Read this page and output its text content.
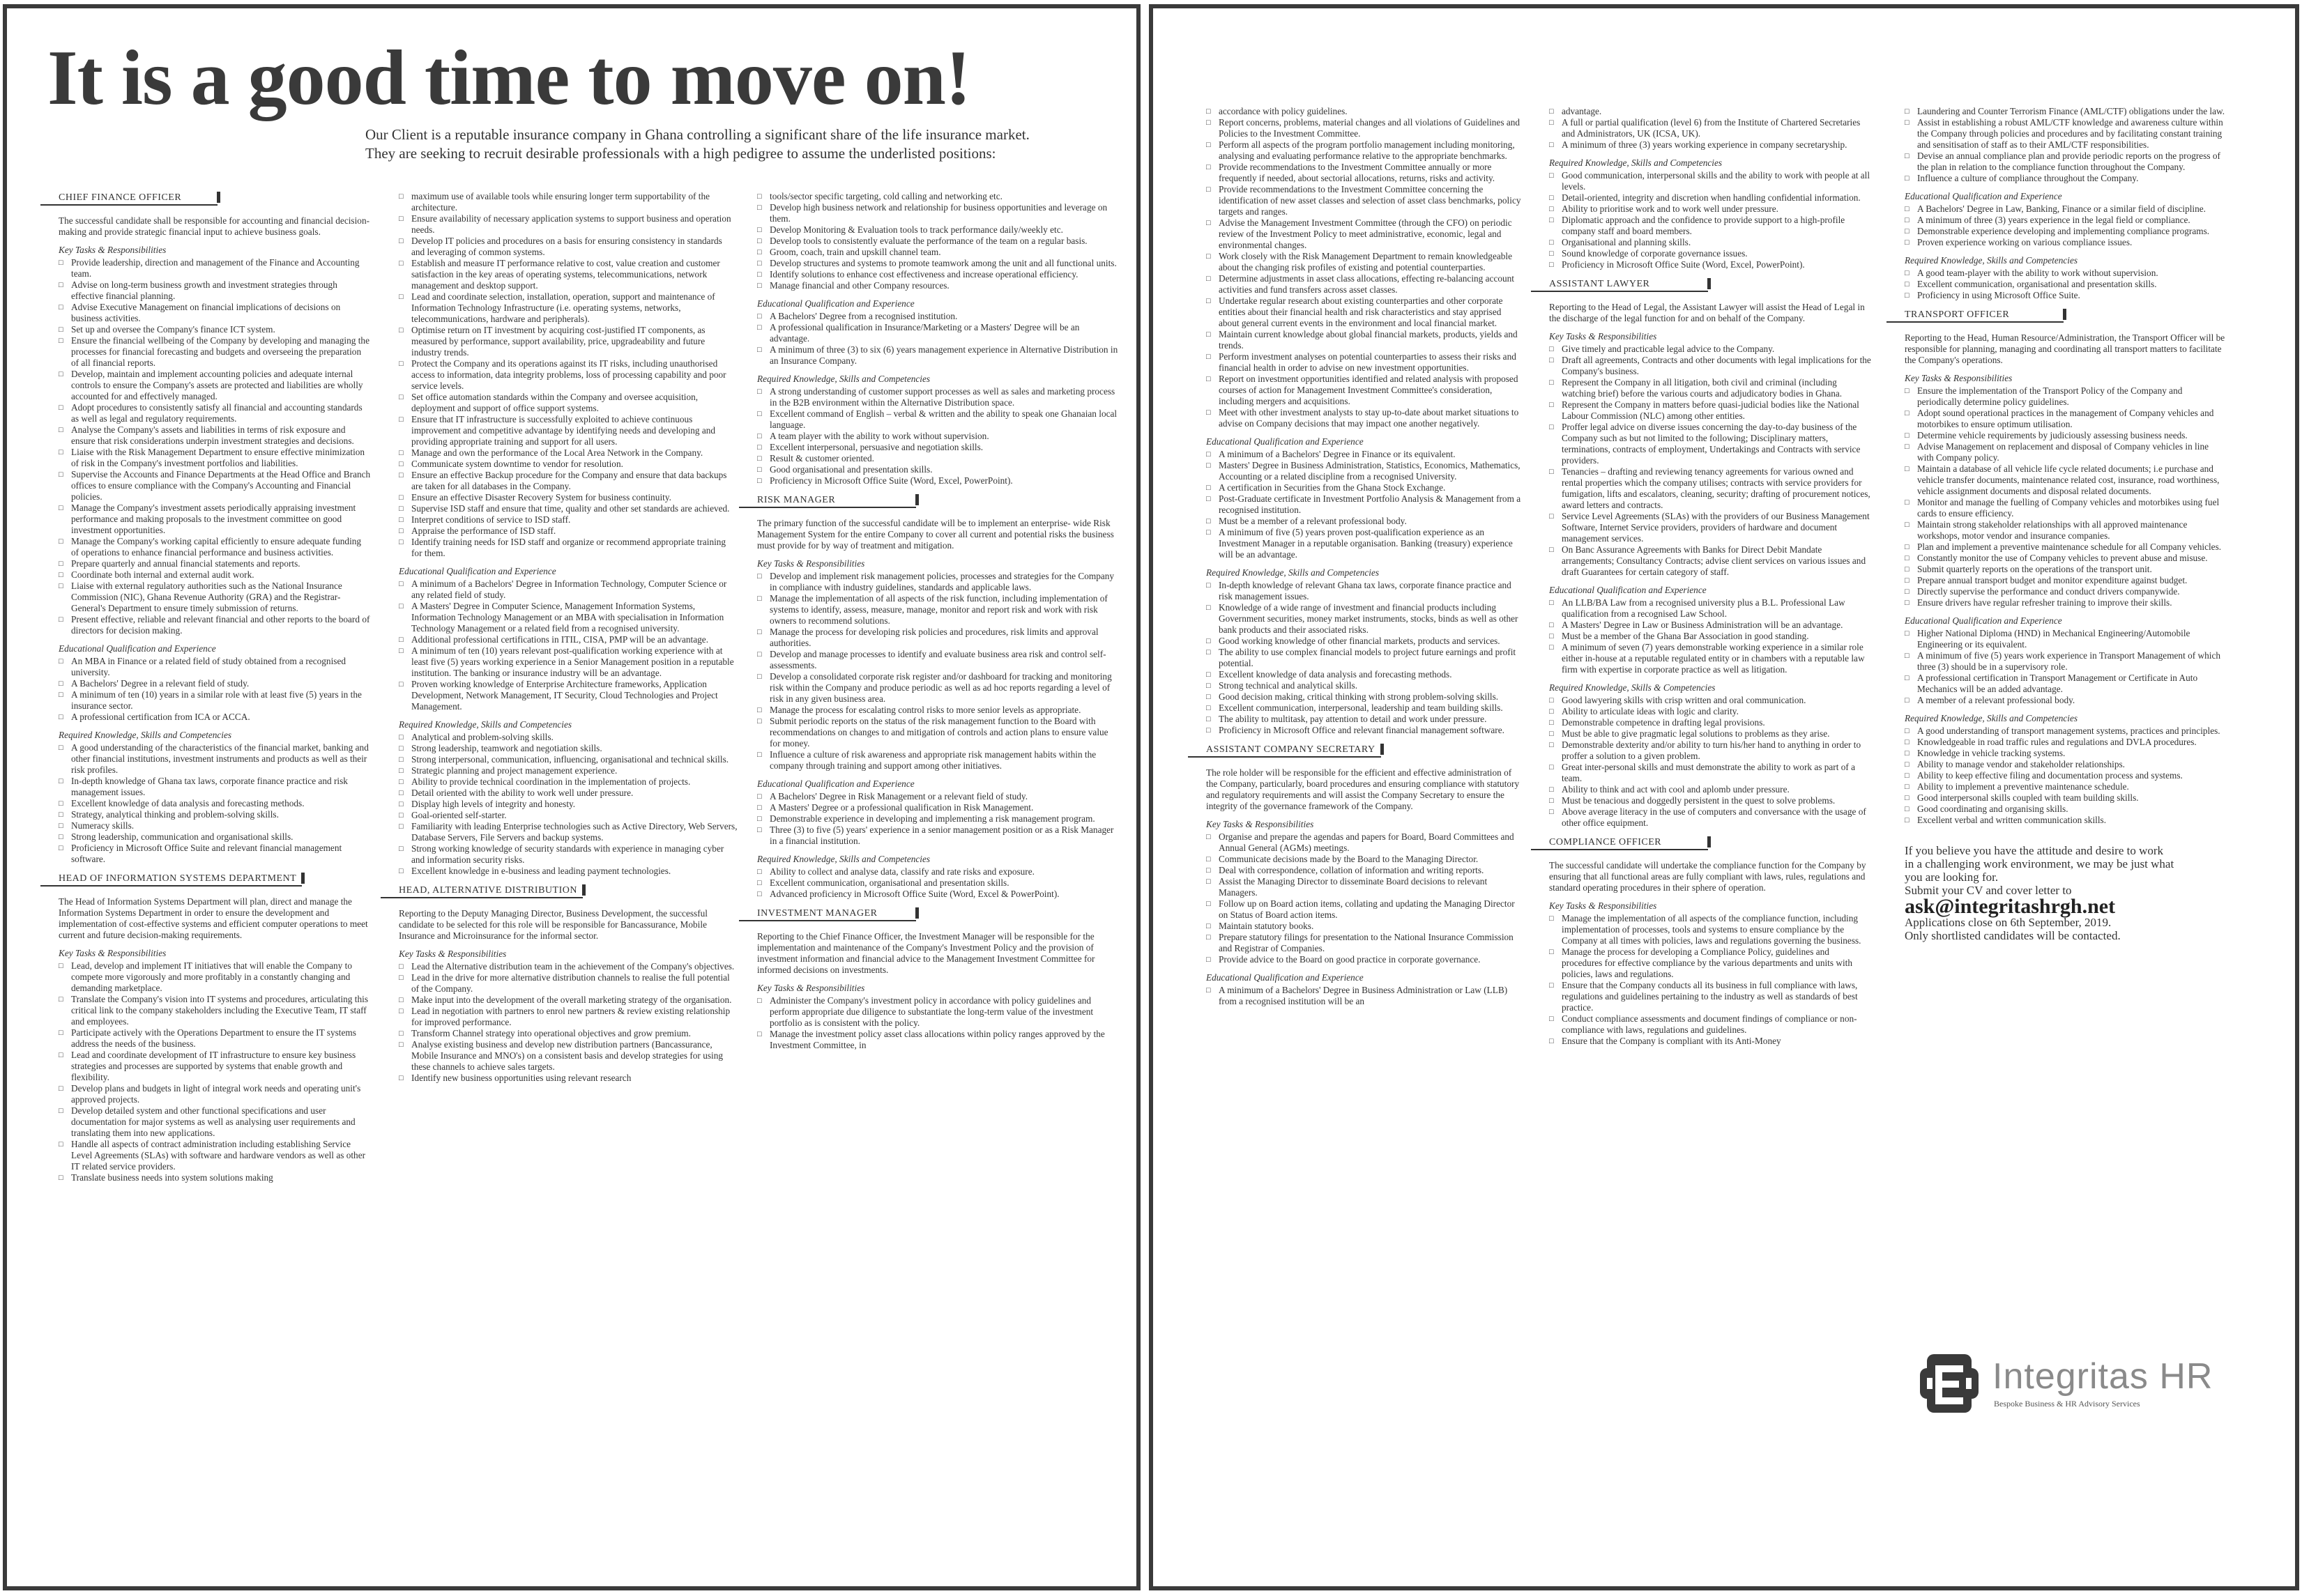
It is a good time to move on!
Our Client is a reputable insurance company in Ghana controlling a significant share of the life insurance market.
They are seeking to recruit desirable professionals with a high pedigree to assume the underlisted positions:
CHIEF FINANCE OFFICER
The successful candidate shall be responsible for accounting and financial decision-making and provide strategic financial input to achieve business goals.
Key Tasks & Responsibilities
□ Provide leadership, direction and management of the Finance and Accounting team.
□ Advise on long-term business growth and investment strategies through effective financial planning.
□ Advise Executive Management on financial implications of decisions on business activities.
□ Set up and oversee the Company's finance ICT system.
□ Ensure the financial wellbeing of the Company by developing and managing the processes for financial forecasting and budgets and overseeing the preparation of all financial reports.
□ Develop, maintain and implement accounting policies and adequate internal controls to ensure the Company's assets are protected and liabilities are wholly accounted for and effectively managed.
□ Adopt procedures to consistently satisfy all financial and accounting standards as well as legal and regulatory requirements.
□ Analyse the Company's assets and liabilities in terms of risk exposure and ensure that risk considerations underpin investment strategies and decisions.
□ Liaise with the Risk Management Department to ensure effective minimization of risk in the Company's investment portfolios and liabilities.
□ Supervise the Accounts and Finance Departments at the Head Office and Branch offices to ensure compliance with the Company's Accounting and Financial policies.
□ Manage the Company's investment assets periodically appraising investment performance and making proposals to the investment committee on good investment opportunities.
□ Manage the Company's working capital efficiently to ensure adequate funding of operations to enhance financial performance and business activities.
□ Prepare quarterly and annual financial statements and reports.
□ Coordinate both internal and external audit work.
□ Liaise with external regulatory authorities such as the National Insurance Commission (NIC), Ghana Revenue Authority (GRA) and the Registrar-General's Department to ensure timely submission of returns.
□ Present effective, reliable and relevant financial and other reports to the board of directors for decision making.
Educational Qualification and Experience
□ An MBA in Finance or a related field of study obtained from a recognised university.
□ A Bachelors' Degree in a relevant field of study.
□ A minimum of ten (10) years in a similar role with at least five (5) years in the insurance sector.
□ A professional certification from ICA or ACCA.
Required Knowledge, Skills and Competencies
□ A good understanding of the characteristics of the financial market, banking and other financial institutions, investment instruments and products as well as their risk profiles.
□ In-depth knowledge of Ghana tax laws, corporate finance practice and risk management issues.
□ Excellent knowledge of data analysis and forecasting methods.
□ Strategy, analytical thinking and problem-solving skills.
□ Numeracy skills.
□ Strong leadership, communication and organisational skills.
□ Proficiency in Microsoft Office Suite and relevant financial management software.
HEAD OF INFORMATION SYSTEMS DEPARTMENT
The Head of Information Systems Department will plan, direct and manage the Information Systems Department in order to ensure the development and implementation of cost-effective systems and efficient computer operations to meet current and future decision-making requirements.
Key Tasks & Responsibilities
□ Lead, develop and implement IT initiatives that will enable the Company to compete more vigorously and more profitably in a constantly changing and demanding marketplace.
□ Translate the Company's vision into IT systems and procedures, articulating this critical link to the company stakeholders including the Executive Team, IT staff and employees.
□ Participate actively with the Operations Department to ensure the IT systems address the needs of the business.
□ Lead and coordinate development of IT infrastructure to ensure key business strategies and processes are supported by systems that enable growth and flexibility.
□ Develop plans and budgets in light of integral work needs and operating unit's approved projects.
□ Develop detailed system and other functional specifications and user documentation for major systems as well as analysing user requirements and translating them into new applications.
□ Handle all aspects of contract administration including establishing Service Level Agreements (SLAs) with software and hardware vendors as well as other IT related service providers.
□ Translate business needs into system solutions making
□ maximum use of available tools while ensuring longer term supportability of the architecture.
□ Ensure availability of necessary application systems to support business and operation needs.
□ Develop IT policies and procedures on a basis for ensuring consistency in standards and leveraging of common systems.
□ Establish and measure IT performance relative to cost, value creation and customer satisfaction in the key areas of operating systems, telecommunications, network management and desktop support.
□ Lead and coordinate selection, installation, operation, support and maintenance of Information Technology Infrastructure (i.e. operating systems, networks, telecommunications, hardware and peripherals).
□ Optimise return on IT investment by acquiring cost-justified IT components, as measured by performance, support availability, price, upgradeability and future industry trends.
□ Protect the Company and its operations against its IT risks, including unauthorised access to information, data integrity problems, loss of processing capability and poor service levels.
□ Set office automation standards within the Company and oversee acquisition, deployment and support of office support systems.
□ Ensure that IT infrastructure is successfully exploited to achieve continuous improvement and competitive advantage by identifying needs and developing and providing appropriate training and support for all users.
□ Manage and own the performance of the Local Area Network in the Company.
□ Communicate system downtime to vendor for resolution.
□ Ensure an effective Backup procedure for the Company and ensure that data backups are taken for all databases in the Company.
□ Ensure an effective Disaster Recovery System for business continuity.
□ Supervise ISD staff and ensure that time, quality and other set standards are achieved.
□ Interpret conditions of service to ISD staff.
□ Appraise the performance of ISD staff.
□ Identify training needs for ISD staff and organize or recommend appropriate training for them.
Educational Qualification and Experience
□ A minimum of a Bachelors' Degree in Information Technology, Computer Science or any related field of study.
□ A Masters' Degree in Computer Science, Management Information Systems, Information Technology Management or an MBA with specialisation in Information Technology Management or a related field from a recognised university.
□ Additional professional certifications in ITIL, CISA, PMP will be an advantage.
□ A minimum of ten (10) years relevant post-qualification working experience with at least five (5) years working experience in a Senior Management position in a reputable institution. The banking or insurance industry will be an advantage.
□ Proven working knowledge of Enterprise Architecture frameworks, Application Development, Network Management, IT Security, Cloud Technologies and Project Management.
Required Knowledge, Skills and Competencies
□ Analytical and problem-solving skills.
□ Strong leadership, teamwork and negotiation skills.
□ Strong interpersonal, communication, influencing, organisational and technical skills.
□ Strategic planning and project management experience.
□ Ability to provide technical coordination in the implementation of projects.
□ Detail oriented with the ability to work well under pressure.
□ Display high levels of integrity and honesty.
□ Goal-oriented self-starter.
□ Familiarity with leading Enterprise technologies such as Active Directory, Web Servers, Database Servers, File Servers and backup systems.
□ Strong working knowledge of security standards with experience in managing cyber and information security risks.
□ Excellent knowledge in e-business and leading payment technologies.
HEAD, ALTERNATIVE DISTRIBUTION
Reporting to the Deputy Managing Director, Business Development, the successful candidate to be selected for this role will be responsible for Bancassurance, Mobile Insurance and Microinsurance for the informal sector.
Key Tasks & Responsibilities
□ Lead the Alternative distribution team in the achievement of the Company's objectives.
□ Lead in the drive for more alternative distribution channels to realise the full potential of the Company.
□ Make input into the development of the overall marketing strategy of the organisation.
□ Lead in negotiation with partners to enrol new partners & review existing relationship for improved performance.
□ Transform Channel strategy into operational objectives and grow premium.
□ Analyse existing business and develop new distribution partners (Bancassurance, Mobile Insurance and MNO's) on a consistent basis and develop strategies for using these channels to achieve sales targets.
□ Identify new business opportunities using relevant research
□ tools/sector specific targeting, cold calling and networking etc.
□ Develop high business network and relationship for business opportunities and leverage on them.
□ Develop Monitoring & Evaluation tools to track performance daily/weekly etc.
□ Develop tools to consistently evaluate the performance of the team on a regular basis.
□ Groom, coach, train and upskill channel team.
□ Develop structures and systems to promote teamwork among the unit and all functional units.
□ Identify solutions to enhance cost effectiveness and increase operational efficiency.
□ Manage financial and other Company resources.
Educational Qualification and Experience
□ A Bachelors' Degree from a recognised institution.
□ A professional qualification in Insurance/Marketing or a Masters' Degree will be an advantage.
□ A minimum of three (3) to six (6) years management experience in Alternative Distribution in an Insurance Company.
Required Knowledge, Skills and Competencies
□ A strong understanding of customer support processes as well as sales and marketing process in the B2B environment within the Alternative Distribution space.
□ Excellent command of English – verbal & written and the ability to speak one Ghanaian local language.
□ A team player with the ability to work without supervision.
□ Excellent interpersonal, persuasive and negotiation skills.
□ Result & customer oriented.
□ Good organisational and presentation skills.
□ Proficiency in Microsoft Office Suite (Word, Excel, PowerPoint).
RISK MANAGER
The primary function of the successful candidate will be to implement an enterprise- wide Risk Management System for the entire Company to cover all current and potential risks the business must provide for by way of treatment and mitigation.
Key Tasks & Responsibilities
□ Develop and implement risk management policies, processes and strategies for the Company in compliance with industry guidelines, standards and applicable laws.
□ Manage the implementation of all aspects of the risk function, including implementation of systems to identify, assess, measure, manage, monitor and report risk and work with risk owners to recommend solutions.
□ Manage the process for developing risk policies and procedures, risk limits and approval authorities.
□ Develop and manage processes to identify and evaluate business area risk and control self-assessments.
□ Develop a consolidated corporate risk register and/or dashboard for tracking and monitoring risk within the Company and produce periodic as well as ad hoc reports regarding a level of risk in any given business area.
□ Manage the process for escalating control risks to more senior levels as appropriate.
□ Submit periodic reports on the status of the risk management function to the Board with recommendations on changes to and mitigation of controls and action plans to ensure value for money.
□ Influence a culture of risk awareness and appropriate risk management habits within the company through training and support among other initiatives.
Educational Qualification and Experience
□ A Bachelors' Degree in Risk Management or a relevant field of study.
□ A Masters' Degree or a professional qualification in Risk Management.
□ Demonstrable experience in developing and implementing a risk management program.
□ Three (3) to five (5) years' experience in a senior management position or as a Risk Manager in a financial institution.
Required Knowledge, Skills and Competencies
□ Ability to collect and analyse data, classify and rate risks and exposure.
□ Excellent communication, organisational and presentation skills.
□ Advanced proficiency in Microsoft Office Suite (Word, Excel & PowerPoint).
INVESTMENT MANAGER
Reporting to the Chief Finance Officer, the Investment Manager will be responsible for the implementation and maintenance of the Company's Investment Policy and the provision of investment information and financial advice to the Management Investment Committee for informed decisions on investments.
Key Tasks & Responsibilities
□ Administer the Company's investment policy in accordance with policy guidelines and perform appropriate due diligence to substantiate the long-term value of the investment portfolio as is consistent with the policy.
□ Manage the investment policy asset class allocations within policy ranges approved by the Investment Committee, in
□ accordance with policy guidelines.
□ Report concerns, problems, material changes and all violations of Guidelines and Policies to the Investment Committee.
□ Perform all aspects of the program portfolio management including monitoring, analysing and evaluating performance relative to the appropriate benchmarks.
□ Provide recommendations to the Investment Committee annually or more frequently if needed, about sectorial allocations, returns, risks and activity.
□ Provide recommendations to the Investment Committee concerning the identification of new asset classes and selection of asset class benchmarks, policy targets and ranges.
□ Advise the Management Investment Committee (through the CFO) on periodic review of the Investment Policy to meet administrative, economic, legal and environmental changes.
□ Work closely with the Risk Management Department to remain knowledgeable about the changing risk profiles of existing and potential counterparties.
□ Determine adjustments in asset class allocations, effecting re-balancing account activities and fund transfers across asset classes.
□ Undertake regular research about existing counterparties and other corporate entities about their financial health and risk characteristics and stay apprised about general current events in the environment and local financial market.
□ Maintain current knowledge about global financial markets, products, yields and trends.
□ Perform investment analyses on potential counterparties to assess their risks and financial health in order to advise on new investment opportunities.
□ Report on investment opportunities identified and related analysis with proposed courses of action for Management Investment Committee's consideration, including mergers and acquisitions.
□ Meet with other investment analysts to stay up-to-date about market situations to advise on Company decisions that may impact one another negatively.
Educational Qualification and Experience
□ A minimum of a Bachelors' Degree in Finance or its equivalent.
□ Masters' Degree in Business Administration, Statistics, Economics, Mathematics, Accounting or a related discipline from a recognised University.
□ A certification in Securities from the Ghana Stock Exchange.
□ Post-Graduate certificate in Investment Portfolio Analysis & Management from a recognised institution.
□ Must be a member of a relevant professional body.
□ A minimum of five (5) years proven post-qualification experience as an Investment Manager in a reputable organisation. Banking (treasury) experience will be an advantage.
Required Knowledge, Skills and Competencies
□ In-depth knowledge of relevant Ghana tax laws, corporate finance practice and risk management issues.
□ Knowledge of a wide range of investment and financial products including Government securities, money market instruments, stocks, binds as well as other bank products and their associated risks.
□ Good working knowledge of other financial markets, products and services.
□ The ability to use complex financial models to project future earnings and profit potential.
□ Excellent knowledge of data analysis and forecasting methods.
□ Strong technical and analytical skills.
□ Good decision making, critical thinking with strong problem-solving skills.
□ Excellent communication, interpersonal, leadership and team building skills.
□ The ability to multitask, pay attention to detail and work under pressure.
□ Proficiency in Microsoft Office and relevant financial management software.
ASSISTANT COMPANY SECRETARY
The role holder will be responsible for the efficient and effective administration of the Company, particularly, board procedures and ensuring compliance with statutory and regulatory requirements and will assist the Company Secretary to ensure the integrity of the governance framework of the Company.
Key Tasks & Responsibilities
□ Organise and prepare the agendas and papers for Board, Board Committees and Annual General (AGMs) meetings.
□ Communicate decisions made by the Board to the Managing Director.
□ Deal with correspondence, collation of information and writing reports.
□ Assist the Managing Director to disseminate Board decisions to relevant Managers.
□ Follow up on Board action items, collating and updating the Managing Director on Status of Board action items.
□ Maintain statutory books.
□ Prepare statutory filings for presentation to the National Insurance Commission and Registrar of Companies.
□ Provide advice to the Board on good practice in corporate governance.
Educational Qualification and Experience
□ A minimum of a Bachelors' Degree in Business Administration or Law (LLB) from a recognised institution will be an
□ advantage.
□ A full or partial qualification (level 6) from the Institute of Chartered Secretaries and Administrators, UK (ICSA, UK).
□ A minimum of three (3) years working experience in company secretaryship.
Required Knowledge, Skills and Competencies
□ Good communication, interpersonal skills and the ability to work with people at all levels.
□ Detail-oriented, integrity and discretion when handling confidential information.
□ Ability to prioritise work and to work well under pressure.
□ Diplomatic approach and the confidence to provide support to a high-profile company staff and board members.
□ Organisational and planning skills.
□ Sound knowledge of corporate governance issues.
□ Proficiency in Microsoft Office Suite (Word, Excel, PowerPoint).
ASSISTANT LAWYER
Reporting to the Head of Legal, the Assistant Lawyer will assist the Head of Legal in the discharge of the legal function for and on behalf of the Company.
Key Tasks & Responsibilities
□ Give timely and practicable legal advice to the Company.
□ Draft all agreements, Contracts and other documents with legal implications for the Company's business.
□ Represent the Company in all litigation, both civil and criminal (including watching brief) before the various courts and adjudicatory bodies in Ghana.
□ Represent the Company in matters before quasi-judicial bodies like the National Labour Commission (NLC) among other entities.
□ Proffer legal advice on diverse issues concerning the day-to-day business of the Company such as but not limited to the following; Disciplinary matters, terminations, contracts of employment, Undertakings and Contracts with service providers.
□ Tenancies – drafting and reviewing tenancy agreements for various owned and rental properties which the company utilises; contracts with service providers for fumigation, lifts and escalators, cleaning, security; drafting of procurement notices, award letters and contracts.
□ Service Level Agreements (SLAs) with the providers of our Business Management Software, Internet Service providers, providers of hardware and document management services.
□ On Banc Assurance Agreements with Banks for Direct Debit Mandate arrangements; Consultancy Contracts; advise client services on various issues and draft Guarantees for certain category of staff.
Educational Qualification and Experience
□ An LLB/BA Law from a recognised university plus a B.L. Professional Law qualification from a recognised Law School.
□ A Masters' Degree in Law or Business Administration will be an advantage.
□ Must be a member of the Ghana Bar Association in good standing.
□ A minimum of seven (7) years demonstrable working experience in a similar role either in-house at a reputable regulated entity or in chambers with a reputable law firm with expertise in corporate practice as well as litigation.
Required Knowledge, Skills & Competencies
□ Good lawyering skills with crisp written and oral communication.
□ Ability to articulate ideas with logic and clarity.
□ Demonstrable competence in drafting legal provisions.
□ Must be able to give pragmatic legal solutions to problems as they arise.
□ Demonstrable dexterity and/or ability to turn his/her hand to anything in order to proffer a solution to a given problem.
□ Great inter-personal skills and must demonstrate the ability to work as part of a team.
□ Ability to think and act with cool and aplomb under pressure.
□ Must be tenacious and doggedly persistent in the quest to solve problems.
□ Above average literacy in the use of computers and conversance with the usage of other office equipment.
COMPLIANCE OFFICER
The successful candidate will undertake the compliance function for the Company by ensuring that all functional areas are fully compliant with laws, rules, regulations and standard operating procedures in their sphere of operation.
Key Tasks & Responsibilities
□ Manage the implementation of all aspects of the compliance function, including implementation of processes, tools and systems to ensure compliance by the Company at all times with policies, laws and regulations governing the business.
□ Manage the process for developing a Compliance Policy, guidelines and procedures for effective compliance by the various departments and units with policies, laws and regulations.
□ Ensure that the Company conducts all its business in full compliance with laws, regulations and guidelines pertaining to the industry as well as standards of best practice.
□ Conduct compliance assessments and document findings of compliance or non-compliance with laws, regulations and guidelines.
□ Ensure that the Company is compliant with its Anti-Money
□ Laundering and Counter Terrorism Finance (AML/CTF) obligations under the law.
□ Assist in establishing a robust AML/CTF knowledge and awareness culture within the Company through policies and procedures and by facilitating constant training and sensitisation of staff as to their AML/CTF responsibilities.
□ Devise an annual compliance plan and provide periodic reports on the progress of the plan in relation to the compliance function throughout the Company.
□ Influence a culture of compliance throughout the Company.
Educational Qualification and Experience
□ A Bachelors' Degree in Law, Banking, Finance or a similar field of discipline.
□ A minimum of three (3) years experience in the legal field or compliance.
□ Demonstrable experience developing and implementing compliance programs.
□ Proven experience working on various compliance issues.
Required Knowledge, Skills and Competencies
□ A good team-player with the ability to work without supervision.
□ Excellent communication, organisational and presentation skills.
□ Proficiency in using Microsoft Office Suite.
TRANSPORT OFFICER
Reporting to the Head, Human Resource/Administration, the Transport Officer will be responsible for planning, managing and coordinating all transport matters to facilitate the Company's operations.
Key Tasks & Responsibilities
□ Ensure the implementation of the Transport Policy of the Company and periodically determine policy guidelines.
□ Adopt sound operational practices in the management of Company vehicles and motorbikes to ensure optimum utilisation.
□ Determine vehicle requirements by judiciously assessing business needs.
□ Advise Management on replacement and disposal of Company vehicles in line with Company policy.
□ Maintain a database of all vehicle life cycle related documents; i.e purchase and vehicle transfer documents, maintenance related cost, insurance, road worthiness, vehicle assignment documents and disposal related documents.
□ Monitor and manage the fuelling of Company vehicles and motorbikes using fuel cards to ensure efficiency.
□ Maintain strong stakeholder relationships with all approved maintenance workshops, motor vendor and insurance companies.
□ Plan and implement a preventive maintenance schedule for all Company vehicles.
□ Constantly monitor the use of Company vehicles to prevent abuse and misuse.
□ Submit quarterly reports on the operations of the transport unit.
□ Prepare annual transport budget and monitor expenditure against budget.
□ Directly supervise the performance and conduct drivers companywide.
□ Ensure drivers have regular refresher training to improve their skills.
Educational Qualification and Experience
□ Higher National Diploma (HND) in Mechanical Engineering/Automobile Engineering or its equivalent.
□ A minimum of five (5) years work experience in Transport Management of which three (3) should be in a supervisory role.
□ A professional certification in Transport Management or Certificate in Auto Mechanics will be an added advantage.
□ A member of a relevant professional body.
Required Knowledge, Skills and Competencies
□ A good understanding of transport management systems, practices and principles.
□ Knowledgeable in road traffic rules and regulations and DVLA procedures.
□ Knowledge in vehicle tracking systems.
□ Ability to manage vendor and stakeholder relationships.
□ Ability to keep effective filing and documentation process and systems.
□ Ability to implement a preventive maintenance schedule.
□ Good interpersonal skills coupled with team building skills.
□ Good coordinating and organising skills.
□ Excellent verbal and written communication skills.
If you believe you have the attitude and desire to work
in a challenging work environment, we may be just what
you are looking for.
Submit your CV and cover letter to
ask@integritashrgh.net
Applications close on 6th September, 2019.
Only shortlisted candidates will be contacted.
Integritas HR
Bespoke Business & HR Advisory Services
